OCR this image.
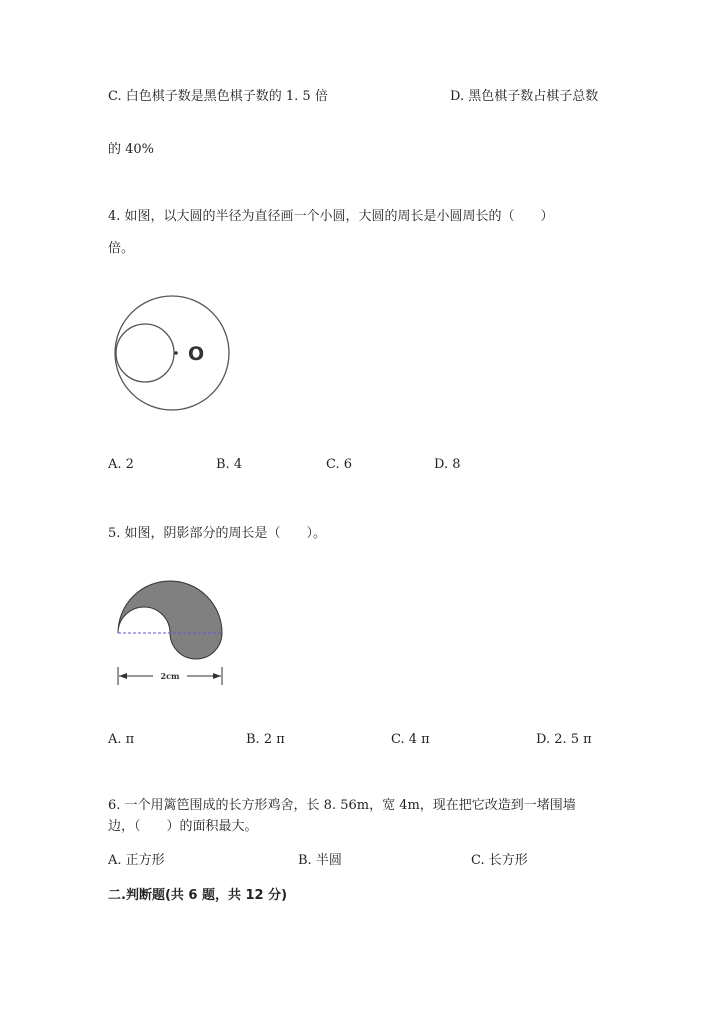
C. 白色棋子数是黑色棋子数的 1. 5 倍	D. 黑色棋子数占棋子总数
的 40%
4. 如图，以大圆的半径为直径画一个小圆，大圆的周长是小圆周长的（　　）
倍。
O
A. 2	B. 4	C. 6	D. 8
5. 如图，阴影部分的周长是（　　）。
2cm
A. π	B. 2 π	C. 4 π	D. 2. 5 π
6. 一个用篱笆围成的长方形鸡舍，长 8. 56m，宽 4m，现在把它改造到一堵围墙
边，（　　）的面积最大。
A. 正方形	B. 半圆	C. 长方形
二.判断题(共 6 题，共 12 分)
